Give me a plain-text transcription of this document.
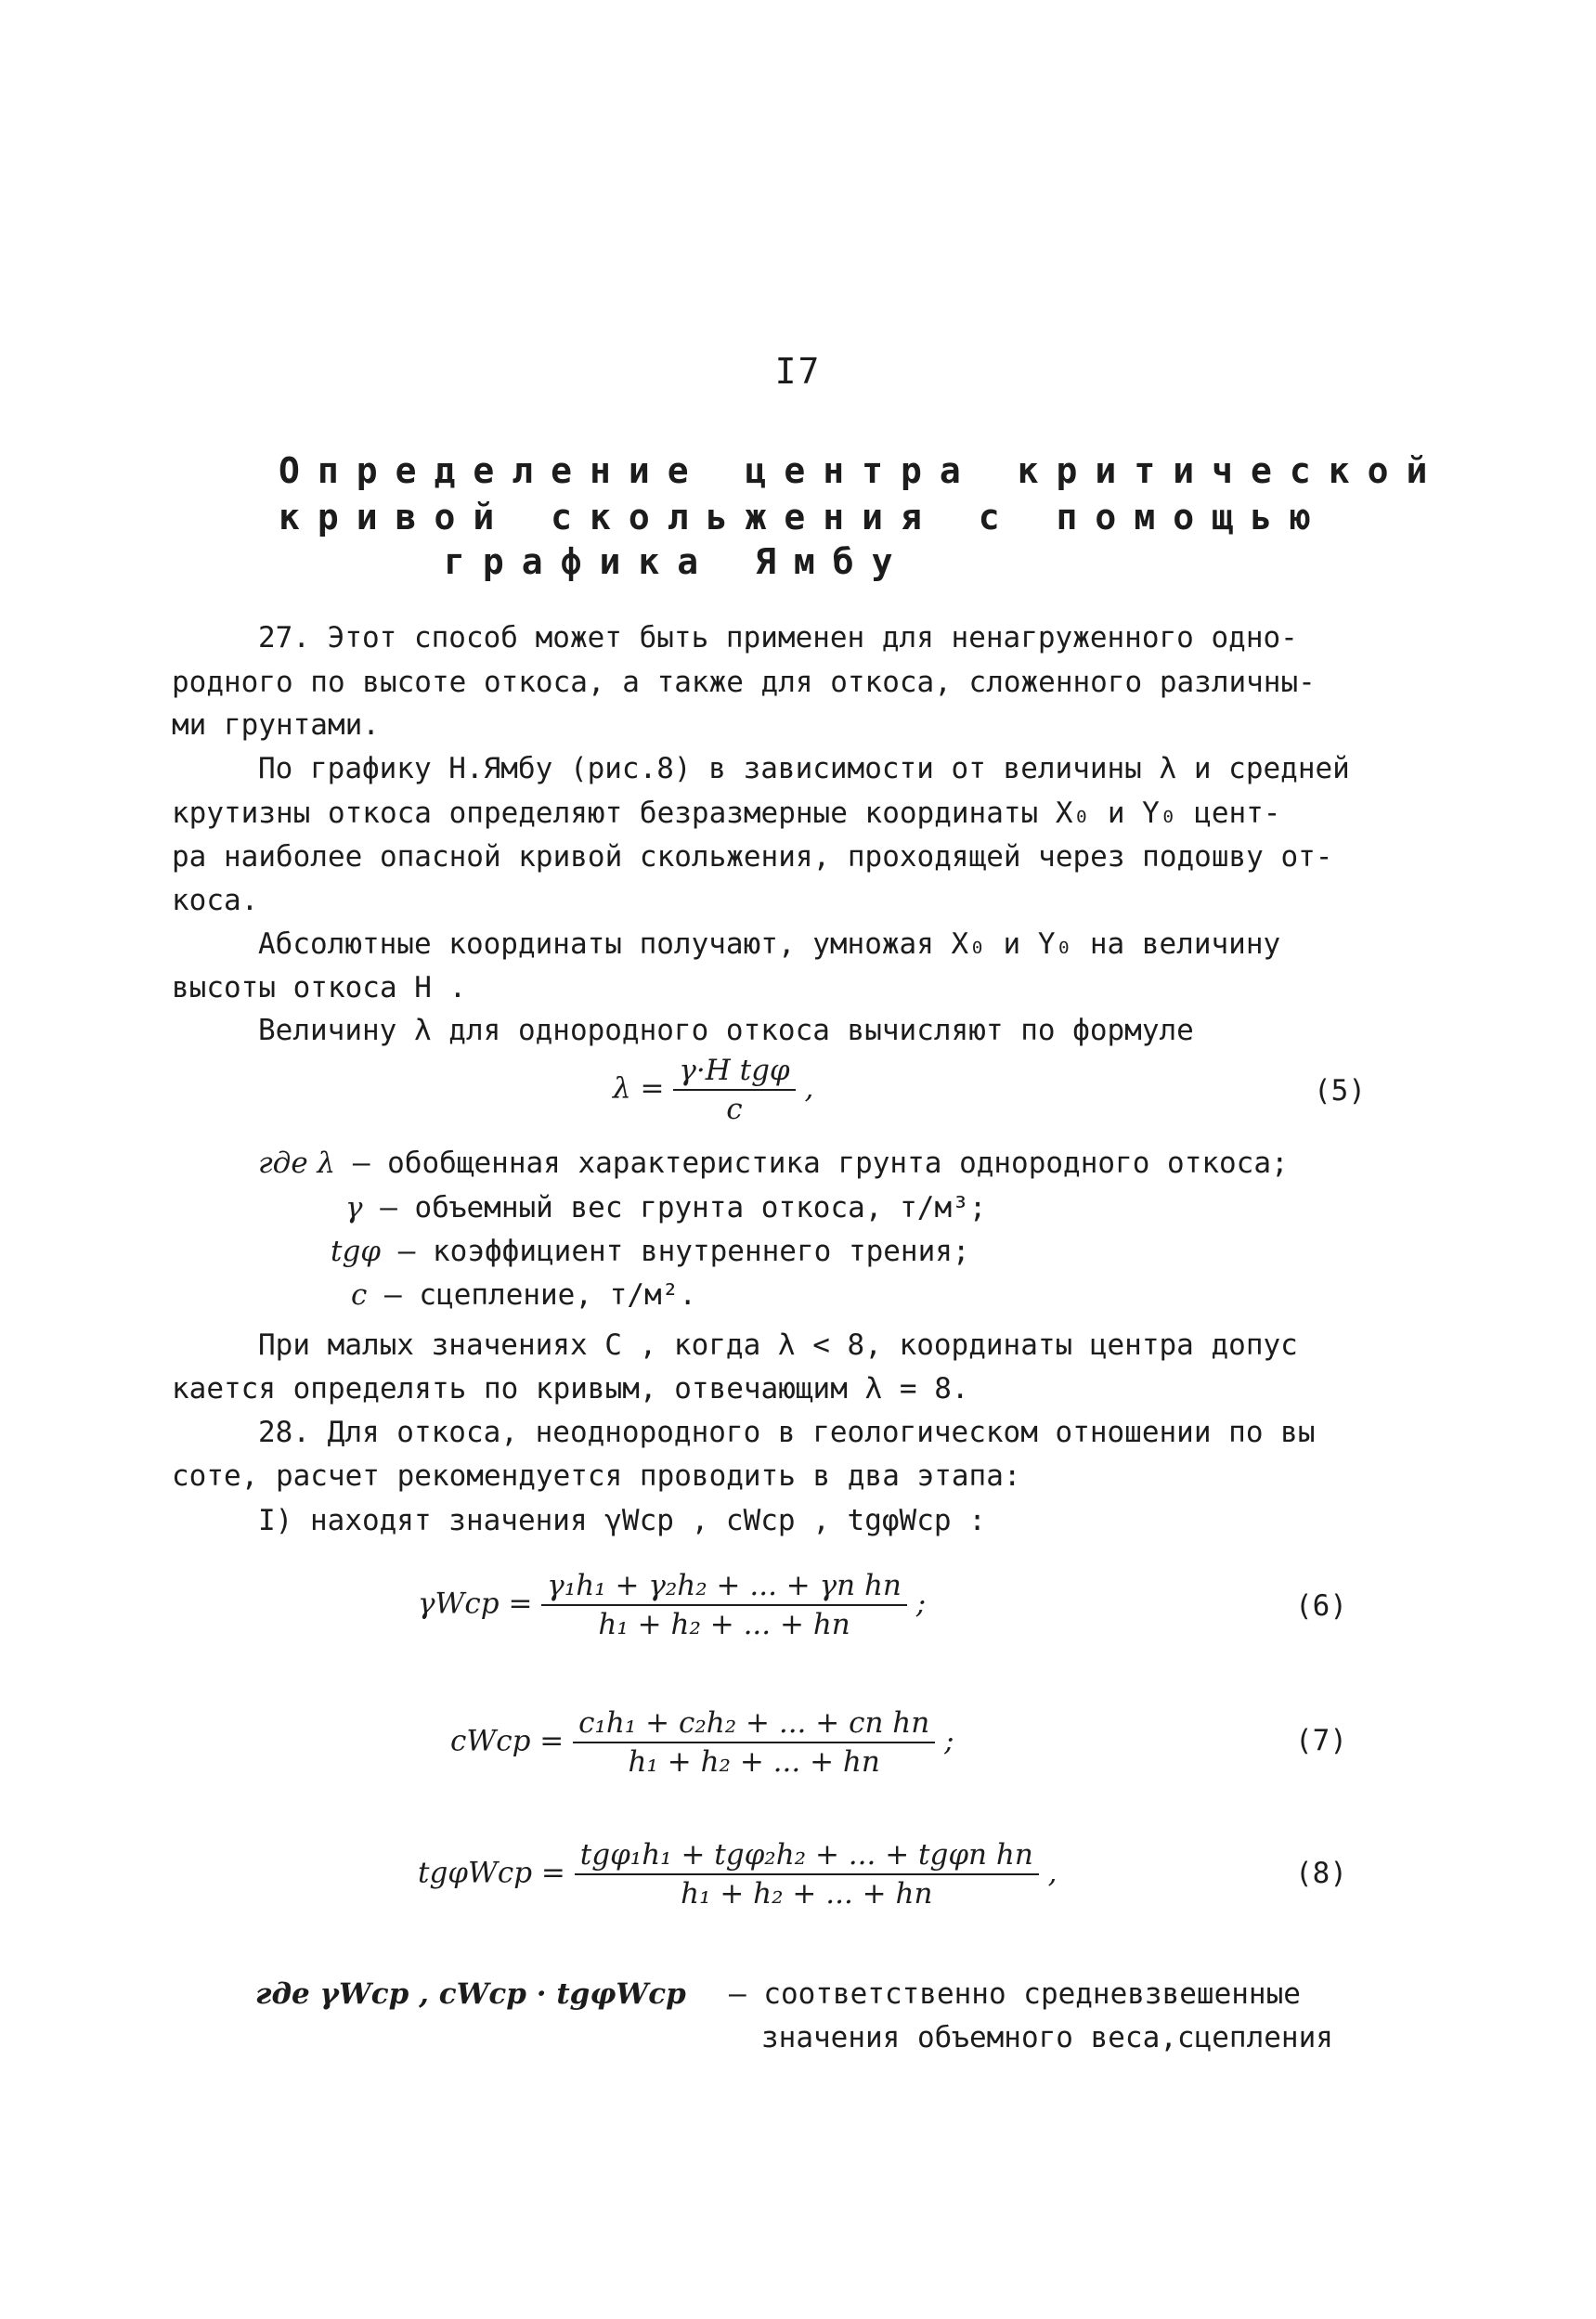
I7
Определение центра критической
кривой скольжения с помощью
графика Ямбу
27. Этот способ может быть применен для ненагруженного одно-
родного по высоте откоса, а также для откоса, сложенного различны-
ми грунтами.
По графику Н.Ямбу (рис.8) в зависимости от величины λ и средней
крутизны откоса определяют безразмерные координаты X₀ и Y₀ цент-
ра наиболее опасной кривой скольжения, проходящей через подошву от-
коса.
Абсолютные координаты получают, умножая X₀ и Y₀ на величину
высоты откоса H .
Величину λ для однородного откоса вычисляют по формуле
$\lambda = \frac{\text{γ·H tgφ}}{c}$ ,	(5)
где λ – обобщенная характеристика грунта однородного откоса;
γ – объемный вес грунта откоса, т/м³;
tgφ – коэффициент внутреннего трения;
c – сцепление, т/м².
При малых значениях C , когда λ < 8, координаты центра допус
кается определять по кривым, отвечающим λ = 8.
28. Для откоса, неоднородного в геологическом отношении по вы
соте, расчет рекомендуется проводить в два этапа:
I) находят значения γWcp , cWcp , tgφWcp :
$\gamma Wcp = \frac{\text{γ₁h₁ + γ₂h₂ + ... + γn hn}}{\text{h₁ + h₂ + ... + hn}}$ ;	(6)
cWcp = $\frac{\text{c₁h₁ + c₂h₂ + ... + cn hn}}{\text{h₁ + h₂ + ... + hn}}$ ;	(7)
$tg\varphi Wcp = \frac{\text{tgφ₁h₁ + tgφ₂h₂ + ... + tgφn hn}}{\text{h₁ + h₂ + ... + hn}}$ ,	(8)
где γWcp , cWcp · tgφWcp	– соответственно средневзвешенные
значения объемного веса,сцепления
